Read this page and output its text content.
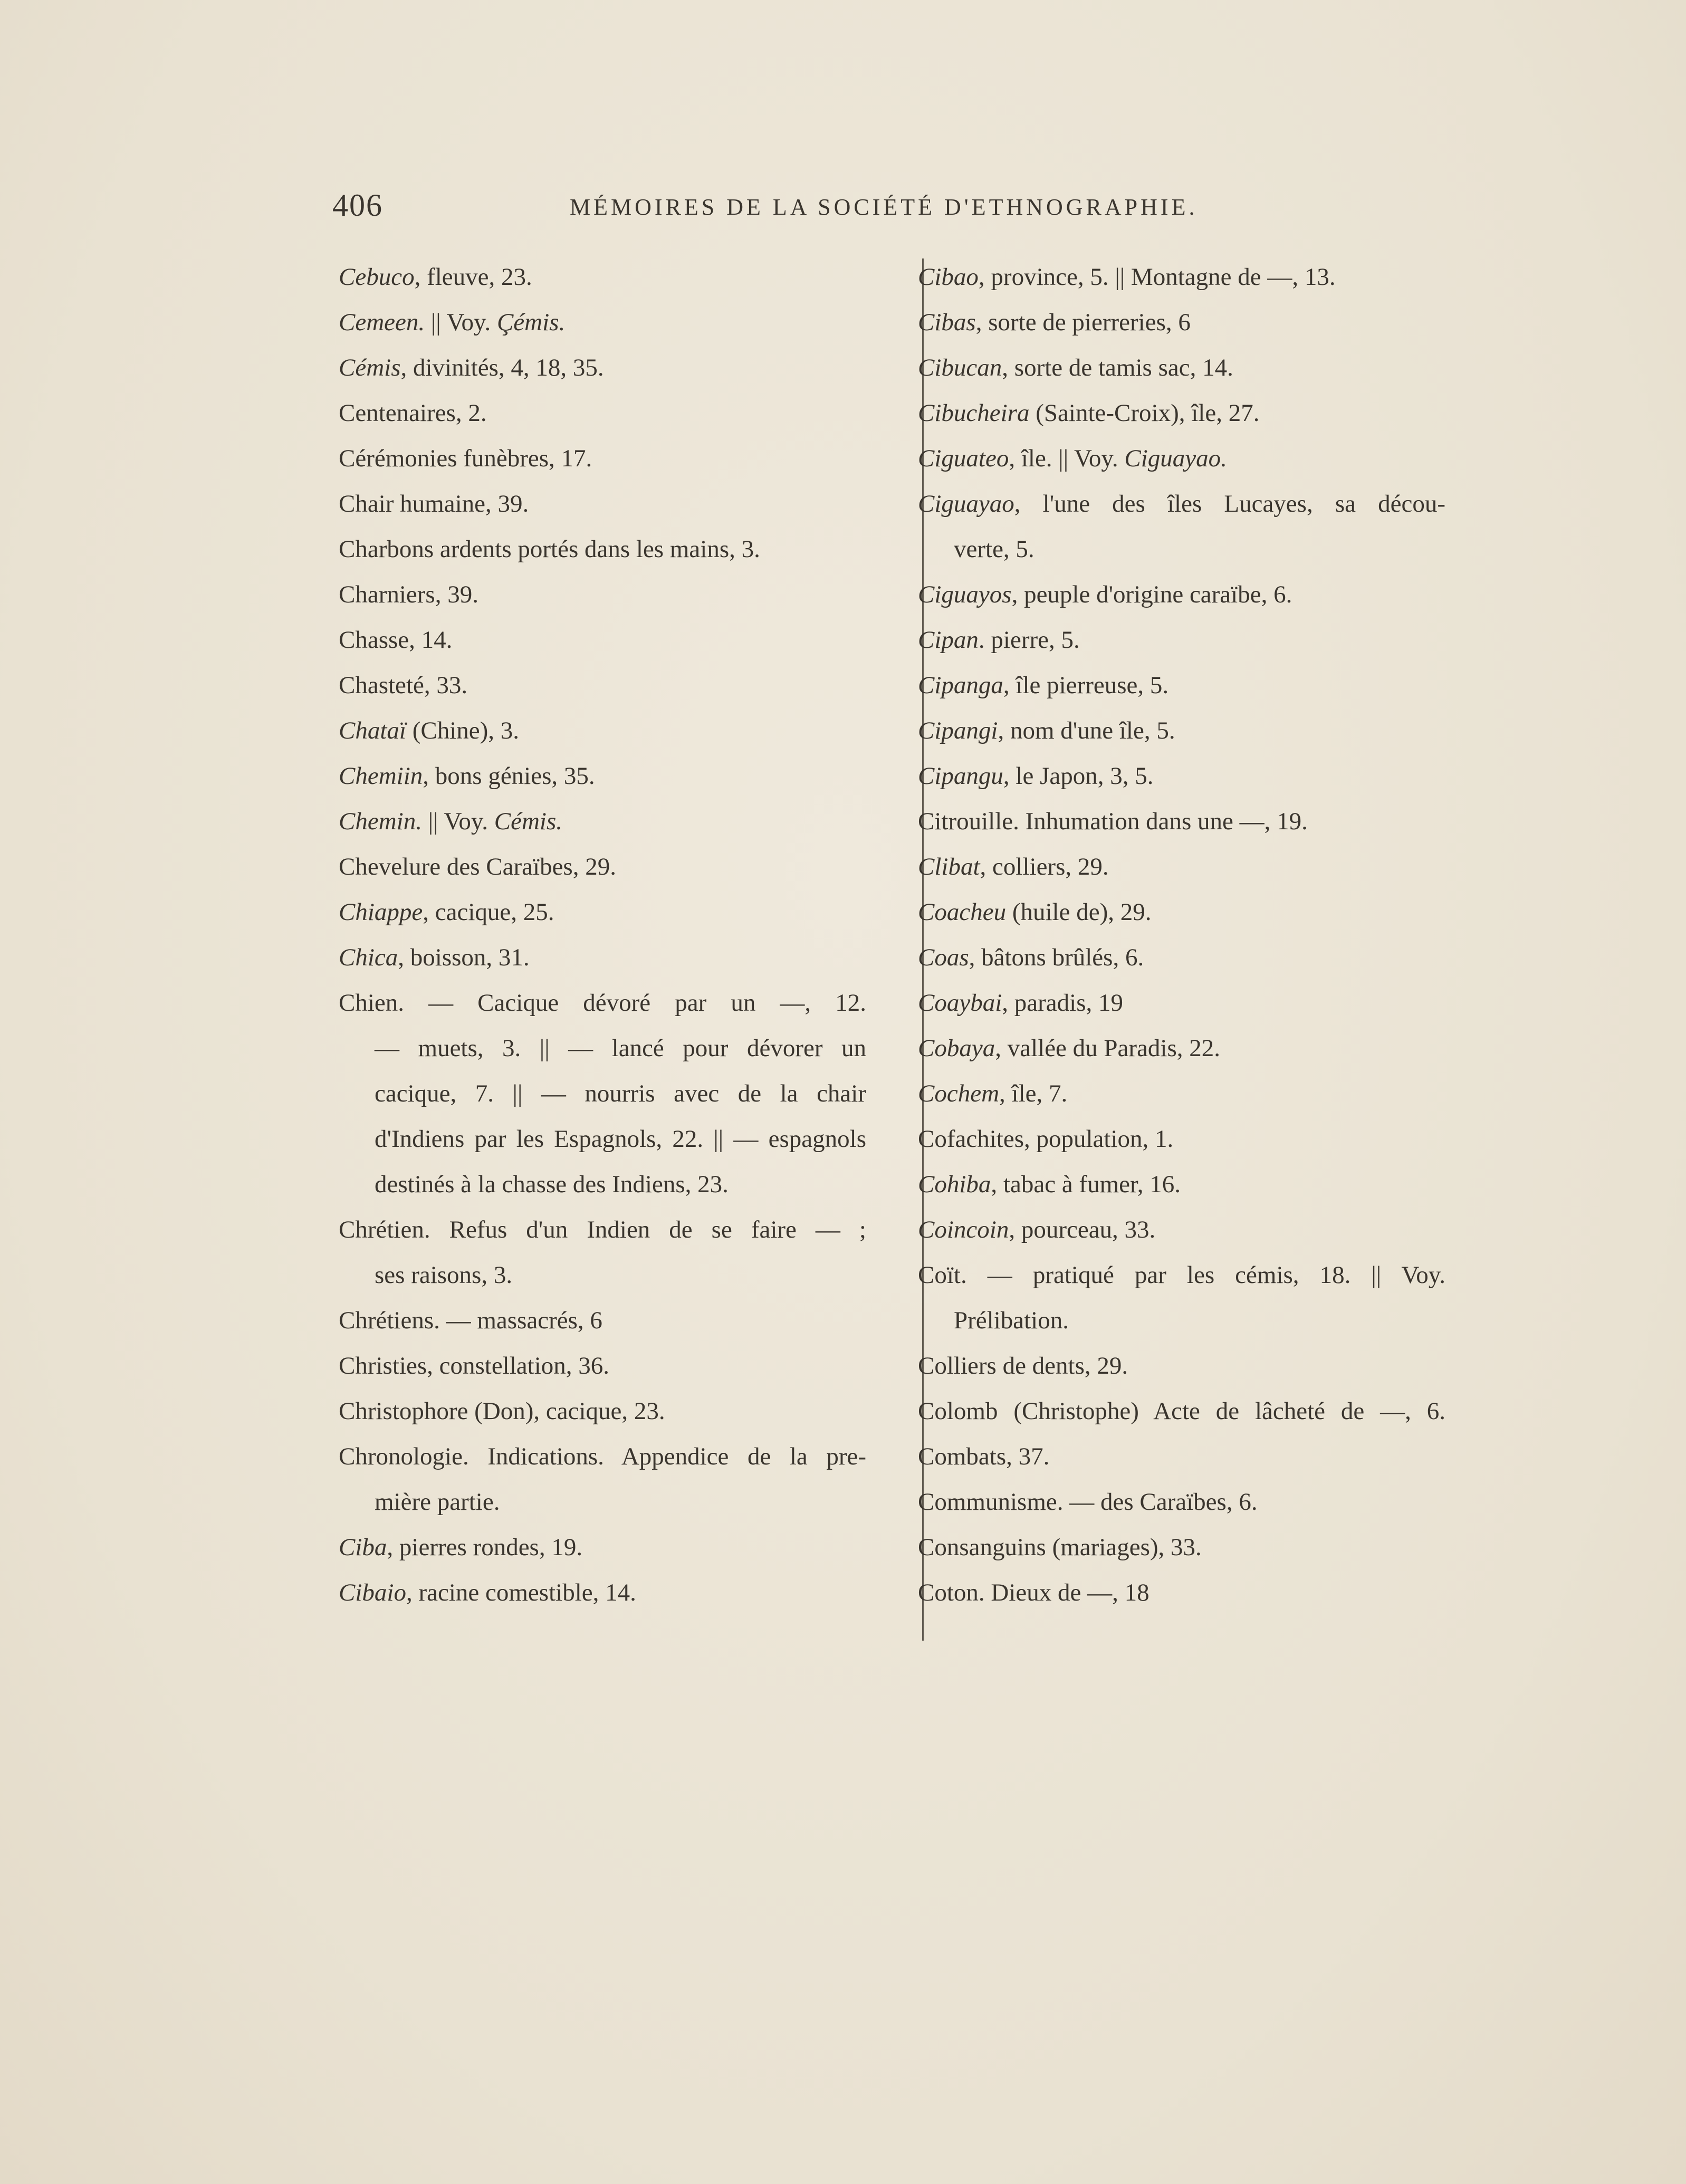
406	MÉMOIRES DE LA SOCIÉTÉ D'ETHNOGRAPHIE.
Cebuco, fleuve, 23.
Cemeen. || Voy. Çémis.
Cémis, divinités, 4, 18, 35.
Centenaires, 2.
Cérémonies funèbres, 17.
Chair humaine, 39.
Charbons ardents portés dans les mains, 3.
Charniers, 39.
Chasse, 14.
Chasteté, 33.
Chataï (Chine), 3.
Chemiin, bons génies, 35.
Chemin. || Voy. Cémis.
Chevelure des Caraïbes, 29.
Chiappe, cacique, 25.
Chica, boisson, 31.
Chien. — Cacique dévoré par un —, 12.
— muets, 3. || — lancé pour dévorer un
cacique, 7. || — nourris avec de la chair
d'Indiens par les Espagnols, 22. || — espagnols
destinés à la chasse des Indiens, 23.
Chrétien. Refus d'un Indien de se faire — ;
ses raisons, 3.
Chrétiens. — massacrés, 6
Christies, constellation, 36.
Christophore (Don), cacique, 23.
Chronologie. Indications. Appendice de la pre-
mière partie.
Ciba, pierres rondes, 19.
Cibaio, racine comestible, 14.
Cibao, province, 5. || Montagne de —, 13.
Cibas, sorte de pierreries, 6
Cibucan, sorte de tamis sac, 14.
Cibucheira (Sainte-Croix), île, 27.
Ciguateo, île. || Voy. Ciguayao.
Ciguayao, l'une des îles Lucayes, sa décou-
verte, 5.
Ciguayos, peuple d'origine caraïbe, 6.
Cipan. pierre, 5.
Cipanga, île pierreuse, 5.
Cipangi, nom d'une île, 5.
Cipangu, le Japon, 3, 5.
Citrouille. Inhumation dans une —, 19.
Clibat, colliers, 29.
Coacheu (huile de), 29.
Coas, bâtons brûlés, 6.
Coaybai, paradis, 19
Cobaya, vallée du Paradis, 22.
Cochem, île, 7.
Cofachites, population, 1.
Cohiba, tabac à fumer, 16.
Coincoin, pourceau, 33.
Coït. — pratiqué par les cémis, 18. || Voy.
Prélibation.
Colliers de dents, 29.
Colomb (Christophe) Acte de lâcheté de —, 6.
Combats, 37.
Communisme. — des Caraïbes, 6.
Consanguins (mariages), 33.
Coton. Dieux de —, 18
